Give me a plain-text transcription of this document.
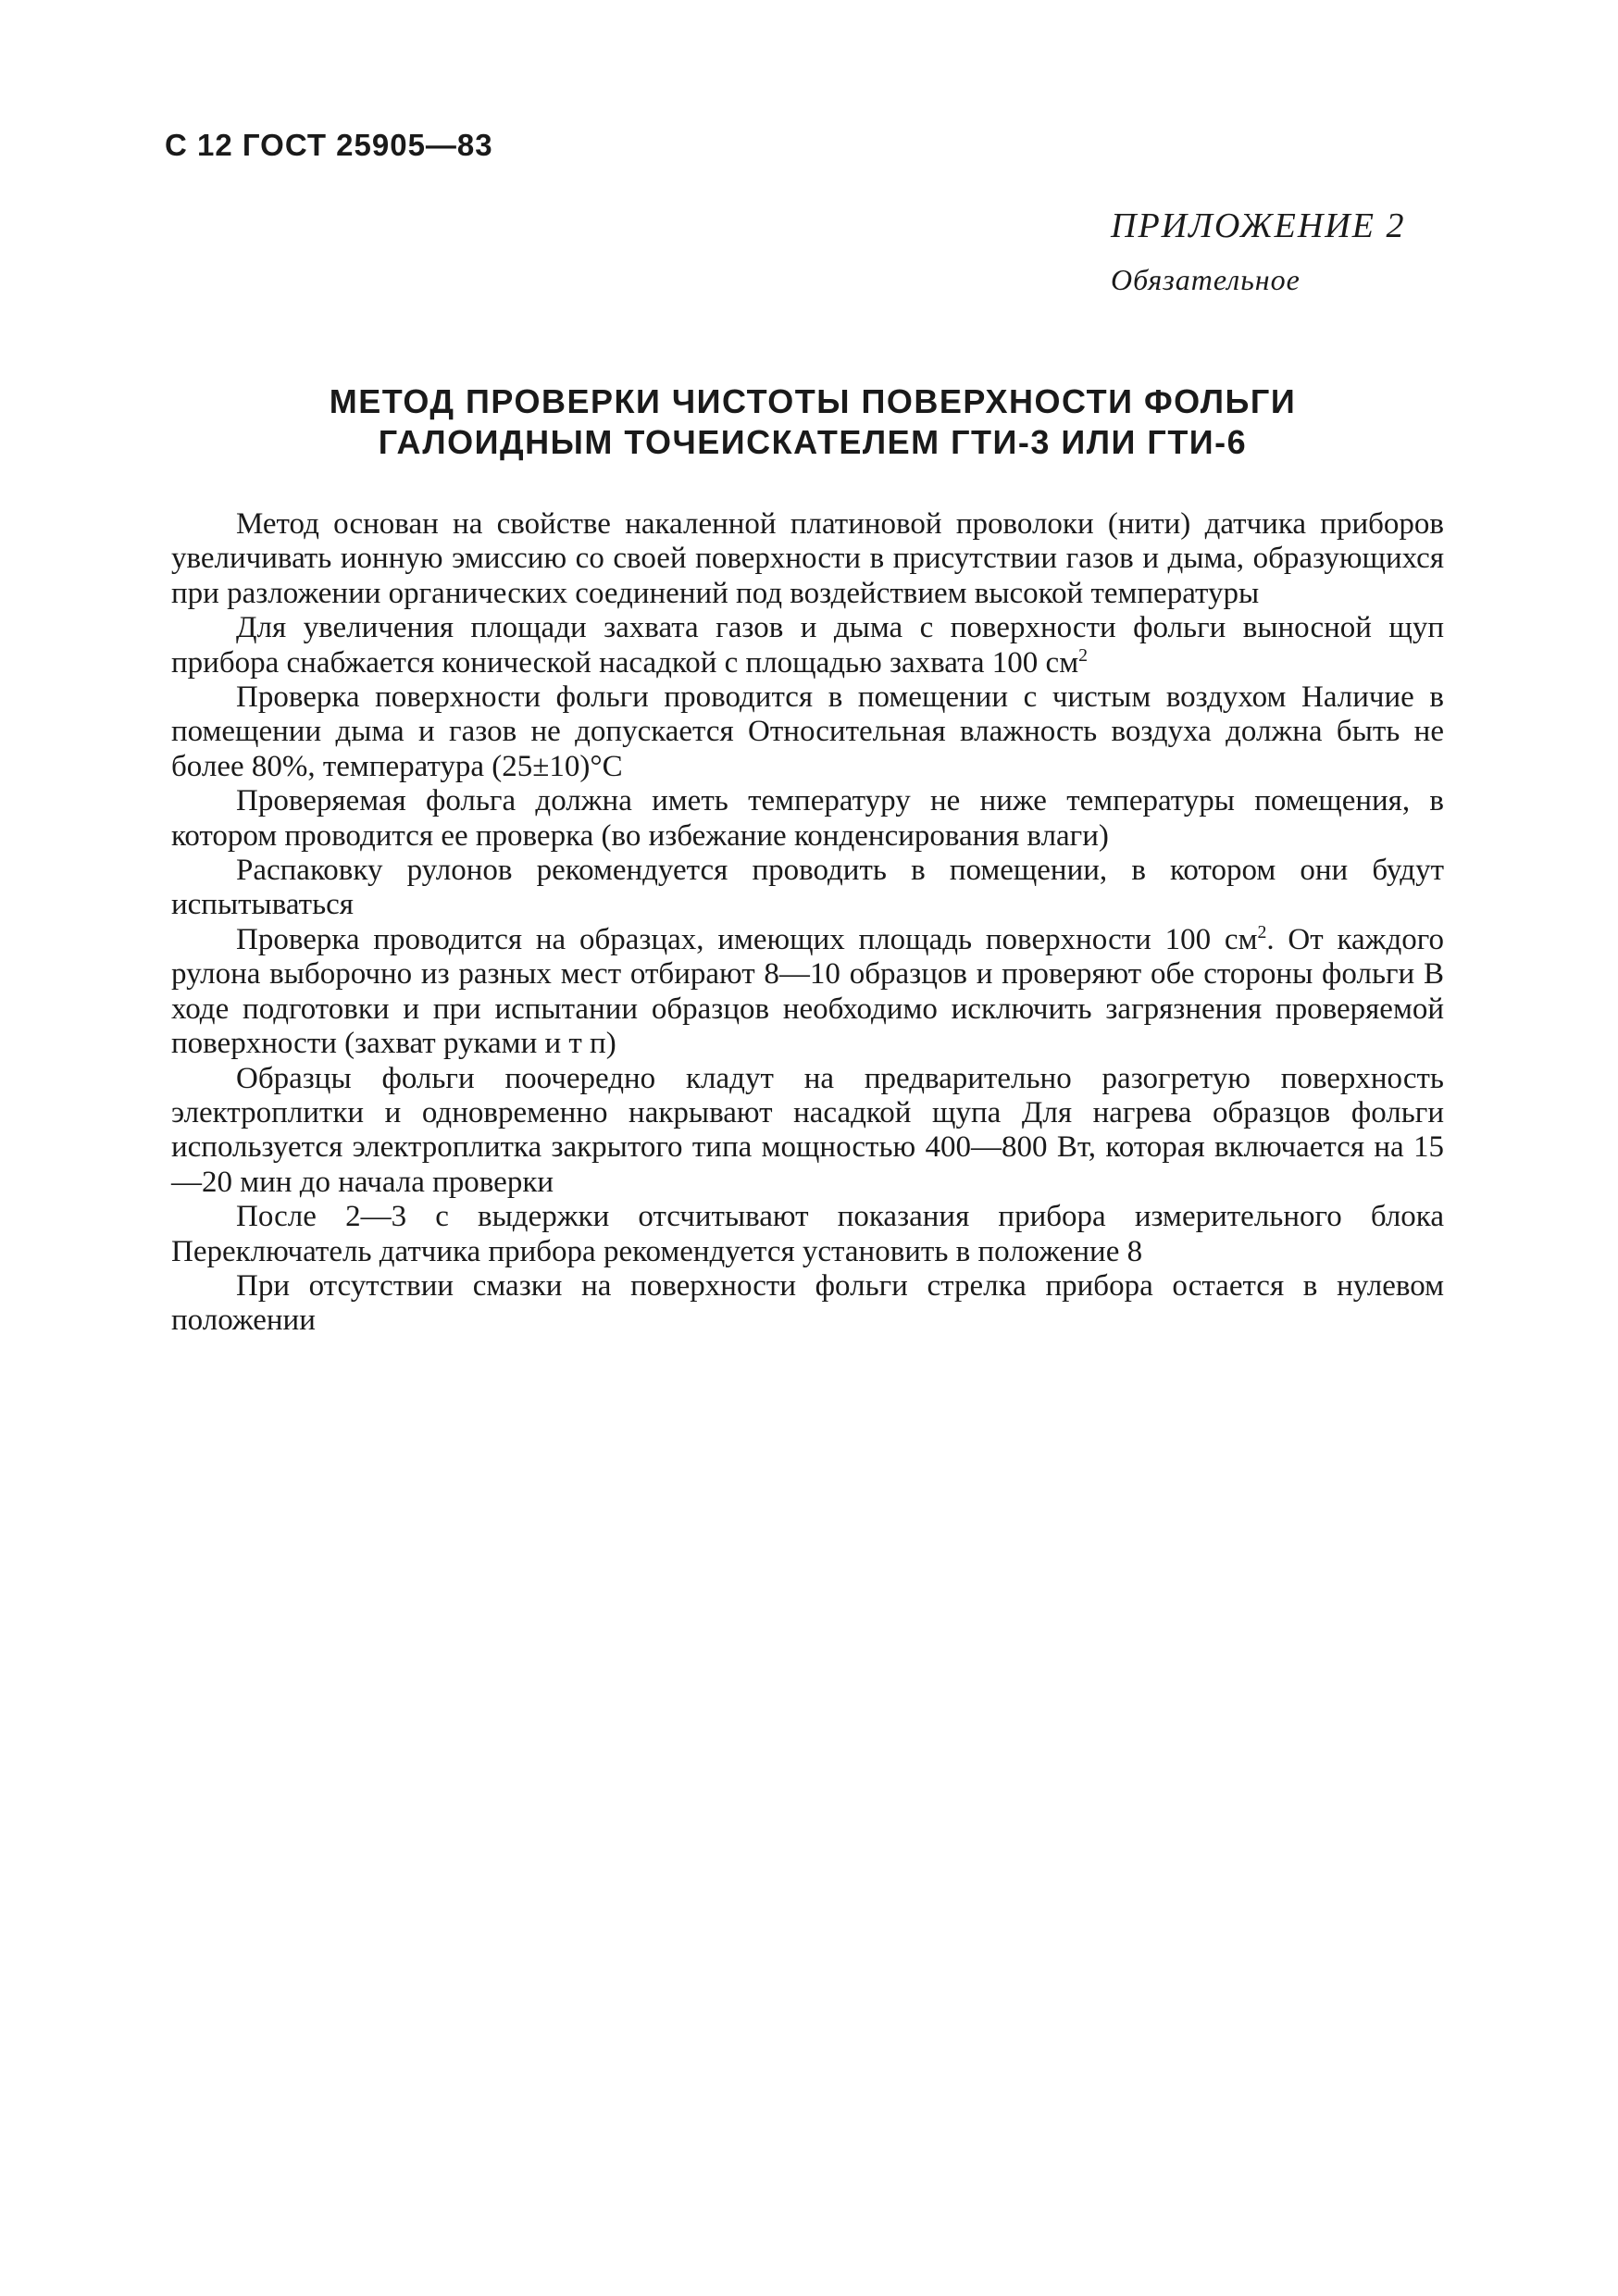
С 12 ГОСТ 25905—83
ПРИЛОЖЕНИЕ 2
Обязательное
МЕТОД ПРОВЕРКИ ЧИСТОТЫ ПОВЕРХНОСТИ ФОЛЬГИ
ГАЛОИДНЫМ ТОЧЕИСКАТЕЛЕМ ГТИ-3 ИЛИ ГТИ-6

Метод основан на свойстве накаленной платиновой проволоки (нити) датчика приборов увеличивать ионную эмиссию со своей поверхности в присутствии газов и дыма, образующихся при разложении органических соединений под воздействием высокой температуры

Для увеличения площади захвата газов и дыма с поверхности фольги выносной щуп прибора снабжается конической насадкой с площадью захвата 100 $см^2$

Проверка поверхности фольги проводится в помещении с чистым воздухом Наличие в помещении дыма и газов не допускается Относительная влажность воздуха должна быть не более 80%, температура (25±10)°С

Проверяемая фольга должна иметь температуру не ниже температуры помещения, в котором проводится ее проверка (во избежание конденсирования влаги)

Распаковку рулонов рекомендуется проводить в помещении, в котором они будут испытываться

Проверка проводится на образцах, имеющих площадь поверхности 100 $см^2$. От каждого рулона выборочно из разных мест отбирают 8—10 образцов и проверяют обе стороны фольги В ходе подготовки и при испытании образцов необходимо исключить загрязнения проверяемой поверхности (захват руками и т п)

Образцы фольги поочередно кладут на предварительно разогретую поверхность электроплитки и одновременно накрывают насадкой щупа Для нагрева образцов фольги используется электроплитка закрытого типа мощностью 400—800 Вт, которая включается на 15—20 мин до начала проверки

После 2—3 с выдержки отсчитывают показания прибора измерительного блока Переключатель датчика прибора рекомендуется установить в положение 8

При отсутствии смазки на поверхности фольги стрелка прибора остается в нулевом положении
